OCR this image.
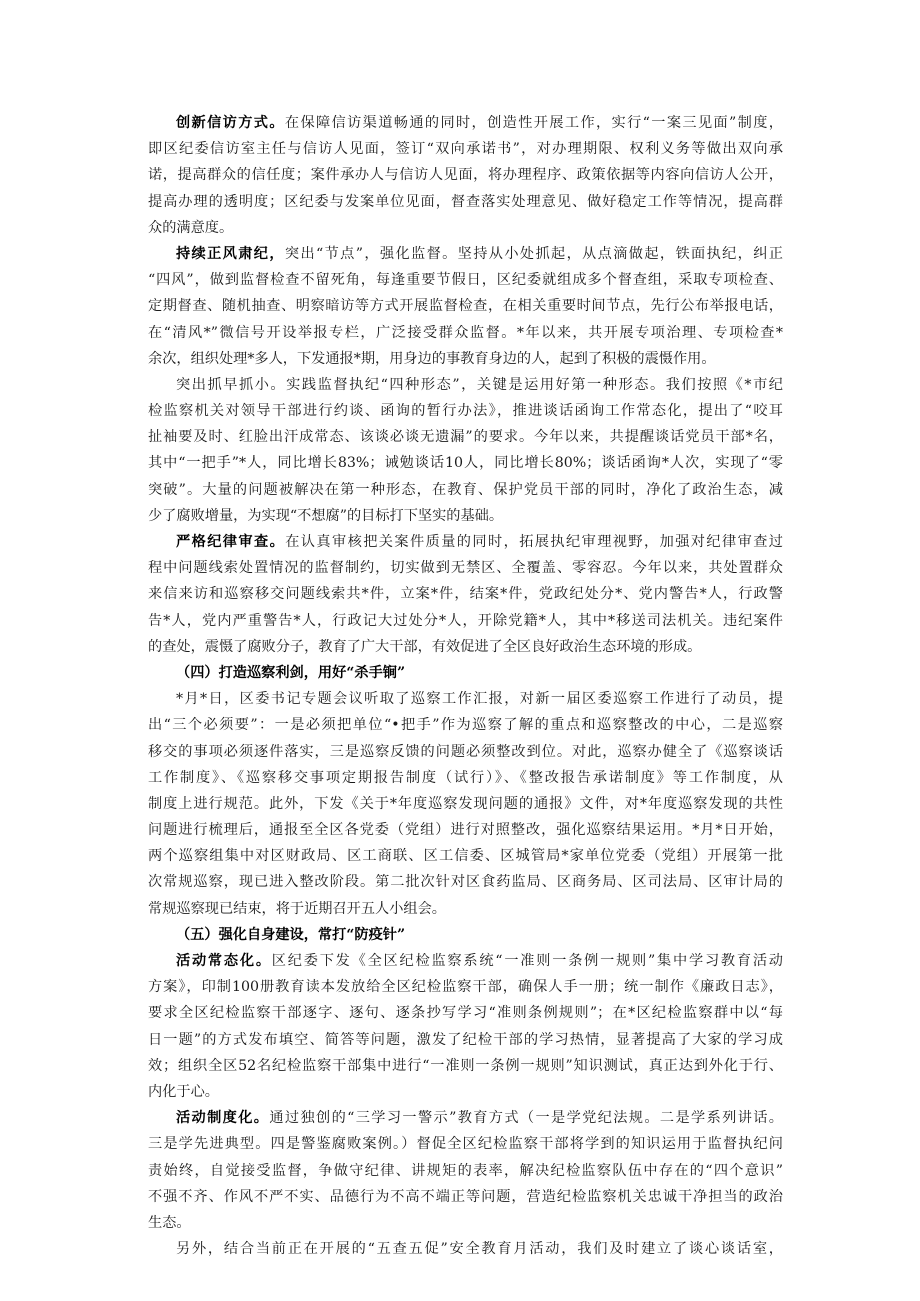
创新信访方式。在保障信访渠道畅通的同时，创造性开展工作，实行“一案三见面”制度，
即区纪委信访室主任与信访人见面，签订“双向承诺书”，对办理期限、权利义务等做出双向承
诺，提高群众的信任度；案件承办人与信访人见面，将办理程序、政策依据等内容向信访人公开，
提高办理的透明度；区纪委与发案单位见面，督查落实处理意见、做好稳定工作等情况，提高群
众的满意度。
持续正风肃纪，突出“节点”，强化监督。坚持从小处抓起，从点滴做起，铁面执纪，纠正
“四风”，做到监督检查不留死角，每逢重要节假日，区纪委就组成多个督查组，采取专项检查、
定期督查、随机抽查、明察暗访等方式开展监督检查，在相关重要时间节点，先行公布举报电话，
在“清风*”微信号开设举报专栏，广泛接受群众监督。*年以来，共开展专项治理、专项检查*
余次，组织处理*多人，下发通报*期，用身边的事教育身边的人，起到了积极的震慑作用。
突出抓早抓小。实践监督执纪“四种形态”，关键是运用好第一种形态。我们按照《*市纪
检监察机关对领导干部进行约谈、函询的暂行办法》，推进谈话函询工作常态化，提出了“咬耳
扯袖要及时、红脸出汗成常态、该谈必谈无遗漏”的要求。今年以来，共提醒谈话党员干部*名，
其中“一把手”*人，同比增长83%；诫勉谈话10人，同比增长80%；谈话函询*人次，实现了“零
突破”。大量的问题被解决在第一种形态，在教育、保护党员干部的同时，净化了政治生态，减
少了腐败增量，为实现“不想腐”的目标打下坚实的基础。
严格纪律审查。在认真审核把关案件质量的同时，拓展执纪审理视野，加强对纪律审查过
程中问题线索处置情况的监督制约，切实做到无禁区、全覆盖、零容忍。今年以来，共处置群众
来信来访和巡察移交问题线索共*件，立案*件，结案*件，党政纪处分*、党内警告*人，行政警
告*人，党内严重警告*人，行政记大过处分*人，开除党籍*人，其中*移送司法机关。违纪案件
的查处，震慑了腐败分子，教育了广大干部，有效促进了全区良好政治生态环境的形成。
（四）打造巡察利剑，用好“杀手锏”
*月*日，区委书记专题会议听取了巡察工作汇报，对新一届区委巡察工作进行了动员，提
出“三个必须要”：一是必须把单位“•把手”作为巡察了解的重点和巡察整改的中心，二是巡察
移交的事项必须逐件落实，三是巡察反馈的问题必须整改到位。对此，巡察办健全了《巡察谈话
工作制度》、《巡察移交事项定期报告制度（试行）》、《整改报告承诺制度》等工作制度，从
制度上进行规范。此外，下发《关于*年度巡察发现问题的通报》文件，对*年度巡察发现的共性
问题进行梳理后，通报至全区各党委（党组）进行对照整改，强化巡察结果运用。*月*日开始，
两个巡察组集中对区财政局、区工商联、区工信委、区城管局*家单位党委（党组）开展第一批
次常规巡察，现已进入整改阶段。第二批次针对区食药监局、区商务局、区司法局、区审计局的
常规巡察现已结束，将于近期召开五人小组会。
（五）强化自身建设，常打“防疫针”
活动常态化。区纪委下发《全区纪检监察系统“一准则一条例一规则”集中学习教育活动
方案》，印制100册教育读本发放给全区纪检监察干部，确保人手一册；统一制作《廉政日志》，
要求全区纪检监察干部逐字、逐句、逐条抄写学习“准则条例规则”；在*区纪检监察群中以“每
日一题”的方式发布填空、简答等问题，激发了纪检干部的学习热情，显著提高了大家的学习成
效；组织全区52名纪检监察干部集中进行“一准则一条例一规则”知识测试，真正达到外化于行、
内化于心。
活动制度化。通过独创的“三学习一警示”教育方式（一是学党纪法规。二是学系列讲话。
三是学先进典型。四是警鉴腐败案例。）督促全区纪检监察干部将学到的知识运用于监督执纪问
责始终，自觉接受监督，争做守纪律、讲规矩的表率，解决纪检监察队伍中存在的“四个意识”
不强不齐、作风不严不实、品德行为不高不端正等问题，营造纪检监察机关忠诚干净担当的政治
生态。
另外，结合当前正在开展的“五查五促”安全教育月活动，我们及时建立了谈心谈话室，
